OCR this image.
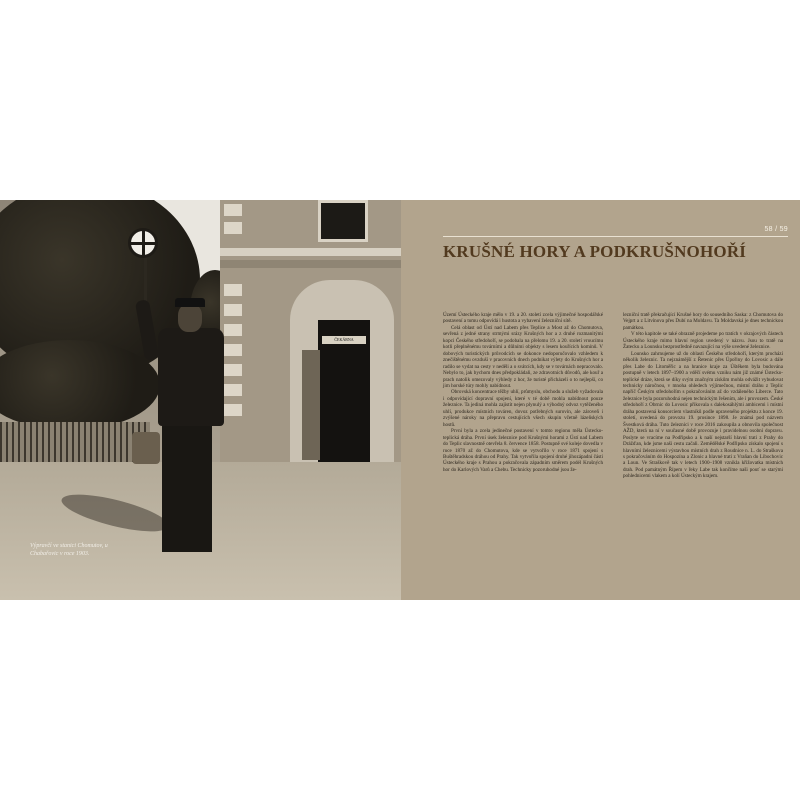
ČEKÁRNA
Výpravčí ve stanici Chomutov, u Chabařovic v roce 1903.
58 / 59
KRUŠNÉ HORY A PODKRUŠNOHOŘÍ

Území Ústeckého kraje mělo v 19. a 20. století zcela výjimečné hospodářské postavení a tomu odpovídá i hustota a vybavení železniční sítě.

Celá oblast od Ústí nad Labem přes Teplice a Most až do Chomutova, sevřená z jedné strany strmými srázy Krušných hor a z druhé rozmanitými kopci Českého středohoří, se podobala na přelomu 19. a 20. století vroucímu kotli přeplněnému továrními a důlními objekty s lesem kouřících komínů. V dobových turistických průvodcích se dokonce nedoporučovalo vzhledem k znečištěnému ovzduší v pracovních dnech podnikat výlety do Krušných hor a radilo se vydat na cesty v neděli a o svátcích, kdy se v továrnách nepracovalo. Nebylo to, jak bychom dnes předpokládali, ze zdravotních důvodů, ale kouř a prach natolik omezovaly výhledy z hor, že turisté přicházeli o to nejlepší, co jim horské túry mohly nabídnout.

Obrovská koncentrace těžby uhlí, průmyslu, obchodu a služeb vyžadovala i odpovídající dopravní spojení, které v té době mohla nabídnout pouze železnice. Ta jediná mohla zajistit nejen plynulý a výhodný odvoz vytěženého uhlí, produkce místních továren, dovoz potřebných surovin, ale zároveň i zvýšené nároky na přepravu cestujících všech skupin včetně lázeňských hostů.

První byla a zcela jedinečné postavení v tomto regionu měla Ústecko-teplická dráha. První úsek železnice pod Krušnými horami z Ústí nad Labem do Teplic slavnostně otevřela 8. července 1858. Postupně své koleje dovedla v roce 1870 až do Chomutova, kde se vytvořilo v roce 1871 spojení s Buštěhradskou dráhou od Prahy. Tak vytvořila spojení druhé jihozápadní části Ústeckého kraje s Prahou a pokračovala západním směrem podél Krušných hor do Karlových Varů a Chebu. Technicky pozoruhodné jsou že-

lezniční tratě překračující Krušné hory do sousedního Saska: z Chomutova do Vejprt a z Litvínova přes Dubí na Moldavu. Ta Moldavská je dnes technickou památkou.

V této kapitole se také obrazně projedeme po tratích v okrajových částech Ústeckého kraje mimo hlavní region uvedený v názvu. Jsou to tratě na Žatecku a Lounsku bezprostředně navazující na výše uvedené železnice.

Lounsko zahrnujeme už do oblasti Českého středohoří, kterým prochází několik železnic. Ta nejznámější z Řetenic přes Úpořiny do Lovosic a dále přes Labe do Litoměřic a na hranice kraje za Úštěkem byla budována postupně v letech 1897–1900 a vděčí svému vzniku nám již známé Ústecko-teplické dráze, která se díky svým značným ziskům mohla odvážit vybudovat technicky náročnou, v mnoha ohledech výjimečnou, místní dráhu z Teplic napříč Českým středohořím s pokračováním až do vzdáleného Liberce. Tato železnice byla pozoruhodná nejen technickým řešením, ale i provozem. České středohoří z Obrnic do Lovosic přikovala s dalekosáhlými ambicemi i místní dráha postavená konsorciem vlastníků podle upraveného projektu z konce 19. století, uvedená do provozu 19. prosince 1898. Je známá pod názvem Švestková dráha. Tuto železnici v roce 2016 zakoupila a obnovila společnost AŽD, která na ní v současné době provozuje i pravidelnou osobní dopravu. Poslyte se vracíme na Podřipsko a k naší nejstarší hlavní trati z Prahy do Drážďan, kde jsme naši cestu začali. Zemědělské Podřipsko získalo spojení s hlavními železnicemi výstavbou místních drah z Roudnice n. L. do Straškova s pokračováním do Hospozína a Zlonic a hlavné trati z Vraňan do Libochovic a Loun. Ve Straškově tak v letech 1900–1908 vznikla křižovatka místních drah. Pod památným Řípem v řeky Labe tak končíme naši pouť se starými pohlednicemi vlakem a kolí Ústeckým krajem.
